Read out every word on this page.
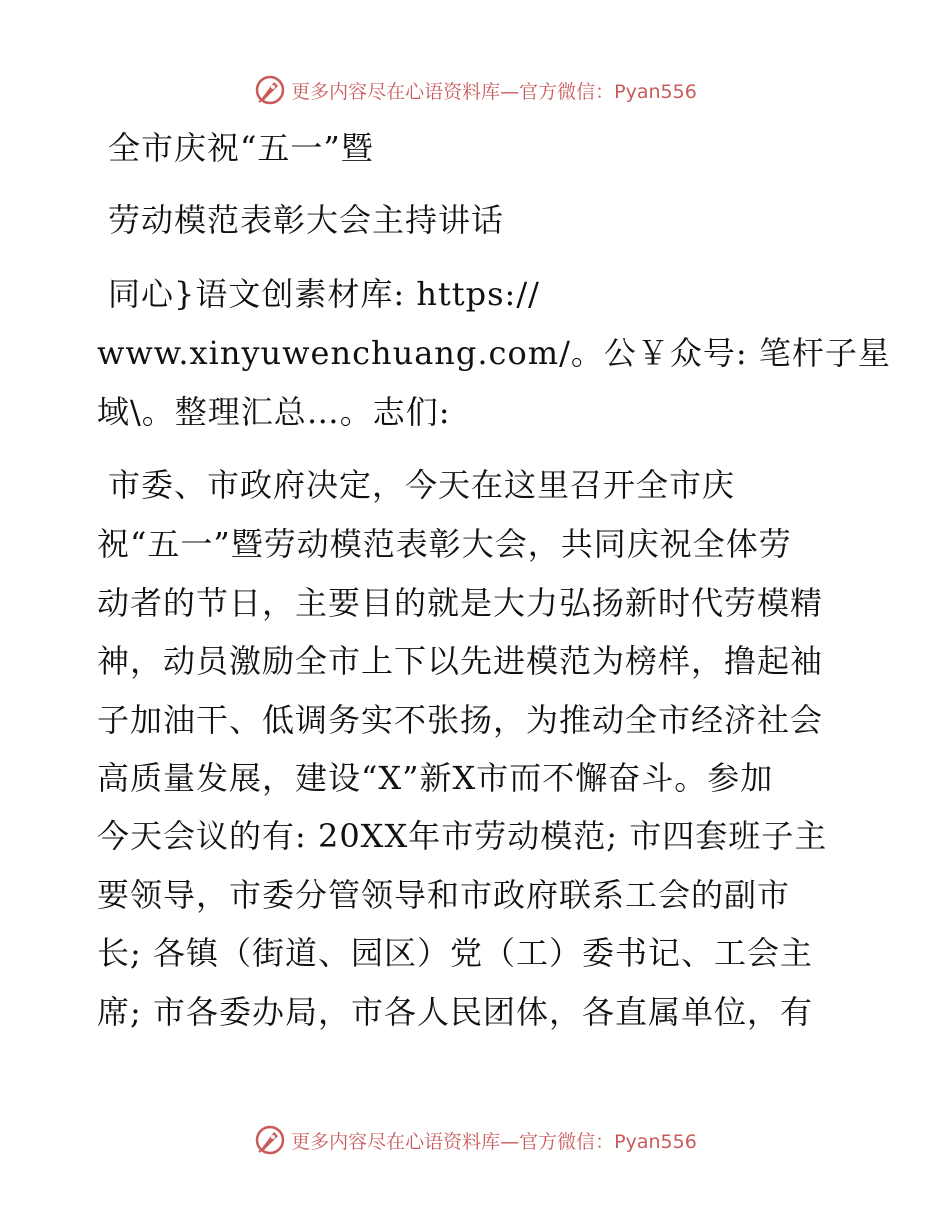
更多内容尽在心语资料库—官方微信：Pyan556
全市庆祝“五一”暨
劳动模范表彰大会主持讲话
同心}语文创素材库: https://
www.xinyuwenchuang.com/。公￥众号: 笔杆子星
域\。整理汇总…。志们:
市委、市政府决定，今天在这里召开全市庆
祝“五一”暨劳动模范表彰大会，共同庆祝全体劳
动者的节日，主要目的就是大力弘扬新时代劳模精
神，动员激励全市上下以先进模范为榜样，撸起袖
子加油干、低调务实不张扬，为推动全市经济社会
高质量发展，建设“X”新X市而不懈奋斗。参加
今天会议的有: 20XX年市劳动模范; 市四套班子主
要领导，市委分管领导和市政府联系工会的副市
长; 各镇（街道、园区）党（工）委书记、工会主
席; 市各委办局，市各人民团体，各直属单位，有
更多内容尽在心语资料库—官方微信：Pyan556
